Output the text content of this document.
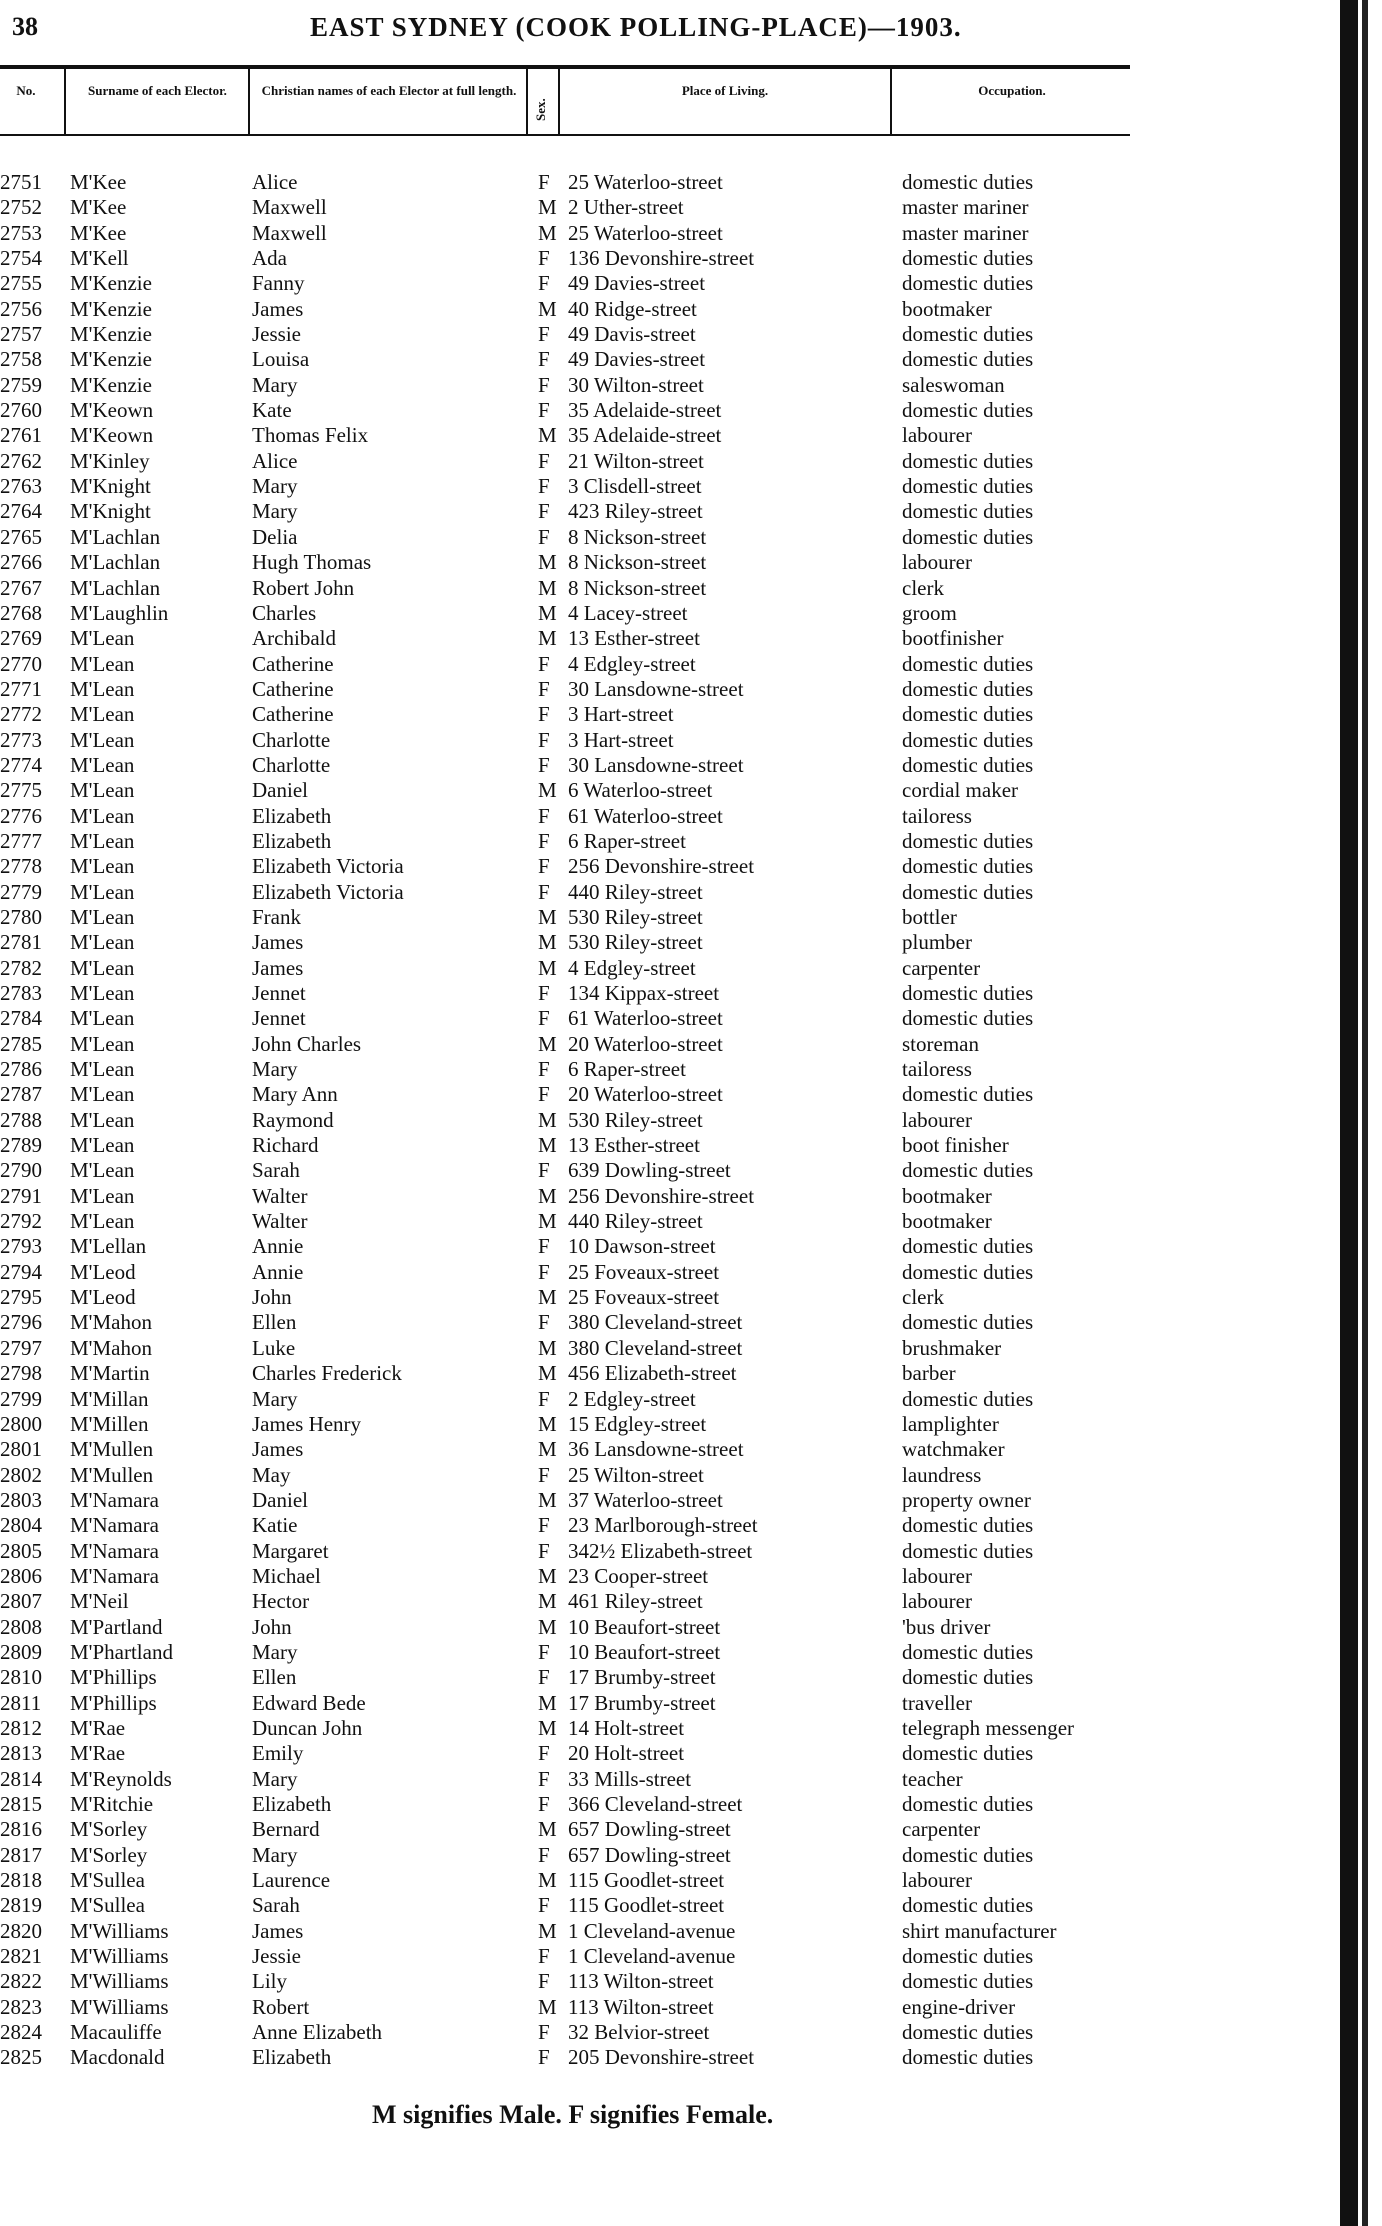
38	EAST SYDNEY (COOK POLLING-PLACE)—1903.
No.	Surname of each Elector.	Christian names of each Elector at full length.
Sex.
Place of Living.	Occupation.
2751 M'Kee	Alice	F 25 Waterloo-street	domestic duties
2752 M'Kee	Maxwell	M 2 Uther-street	master mariner
2753 M'Kee	Maxwell	M 25 Waterloo-street	master mariner
2754 M'Kell	Ada	F 136 Devonshire-street	domestic duties
2755 M'Kenzie	Fanny	F 49 Davies-street	domestic duties
2756 M'Kenzie	James	M 40 Ridge-street	bootmaker
2757 M'Kenzie	Jessie	F 49 Davis-street	domestic duties
2758 M'Kenzie	Louisa	F 49 Davies-street	domestic duties
2759 M'Kenzie	Mary	F 30 Wilton-street	saleswoman
2760 M'Keown	Kate	F 35 Adelaide-street	domestic duties
2761 M'Keown	Thomas Felix	M 35 Adelaide-street	labourer
2762 M'Kinley	Alice	F 21 Wilton-street	domestic duties
2763 M'Knight	Mary	F 3 Clisdell-street	domestic duties
2764 M'Knight	Mary	F 423 Riley-street	domestic duties
2765 M'Lachlan	Delia	F 8 Nickson-street	domestic duties
2766 M'Lachlan	Hugh Thomas	M 8 Nickson-street	labourer
2767 M'Lachlan	Robert John	M 8 Nickson-street	clerk
2768 M'Laughlin	Charles	M 4 Lacey-street	groom
2769 M'Lean	Archibald	M 13 Esther-street	bootfinisher
2770 M'Lean	Catherine	F 4 Edgley-street	domestic duties
2771 M'Lean	Catherine	F 30 Lansdowne-street	domestic duties
2772 M'Lean	Catherine	F 3 Hart-street	domestic duties
2773 M'Lean	Charlotte	F 3 Hart-street	domestic duties
2774 M'Lean	Charlotte	F 30 Lansdowne-street	domestic duties
2775 M'Lean	Daniel	M 6 Waterloo-street	cordial maker
2776 M'Lean	Elizabeth	F 61 Waterloo-street	tailoress
2777 M'Lean	Elizabeth	F 6 Raper-street	domestic duties
2778 M'Lean	Elizabeth Victoria	F 256 Devonshire-street	domestic duties
2779 M'Lean	Elizabeth Victoria	F 440 Riley-street	domestic duties
2780 M'Lean	Frank	M 530 Riley-street	bottler
2781 M'Lean	James	M 530 Riley-street	plumber
2782 M'Lean	James	M 4 Edgley-street	carpenter
2783 M'Lean	Jennet	F 134 Kippax-street	domestic duties
2784 M'Lean	Jennet	F 61 Waterloo-street	domestic duties
2785 M'Lean	John Charles	M 20 Waterloo-street	storeman
2786 M'Lean	Mary	F 6 Raper-street	tailoress
2787 M'Lean	Mary Ann	F 20 Waterloo-street	domestic duties
2788 M'Lean	Raymond	M 530 Riley-street	labourer
2789 M'Lean	Richard	M 13 Esther-street	boot finisher
2790 M'Lean	Sarah	F 639 Dowling-street	domestic duties
2791 M'Lean	Walter	M 256 Devonshire-street	bootmaker
2792 M'Lean	Walter	M 440 Riley-street	bootmaker
2793 M'Lellan	Annie	F 10 Dawson-street	domestic duties
2794 M'Leod	Annie	F 25 Foveaux-street	domestic duties
2795 M'Leod	John	M 25 Foveaux-street	clerk
2796 M'Mahon	Ellen	F 380 Cleveland-street	domestic duties
2797 M'Mahon	Luke	M 380 Cleveland-street	brushmaker
2798 M'Martin	Charles Frederick	M 456 Elizabeth-street	barber
2799 M'Millan	Mary	F 2 Edgley-street	domestic duties
2800 M'Millen	James Henry	M 15 Edgley-street	lamplighter
2801 M'Mullen	James	M 36 Lansdowne-street	watchmaker
2802 M'Mullen	May	F 25 Wilton-street	laundress
2803 M'Namara	Daniel	M 37 Waterloo-street	property owner
2804 M'Namara	Katie	F 23 Marlborough-street	domestic duties
2805 M'Namara	Margaret	F 342½ Elizabeth-street	domestic duties
2806 M'Namara	Michael	M 23 Cooper-street	labourer
2807 M'Neil	Hector	M 461 Riley-street	labourer
2808 M'Partland	John	M 10 Beaufort-street	'bus driver
2809 M'Phartland	Mary	F 10 Beaufort-street	domestic duties
2810 M'Phillips	Ellen	F 17 Brumby-street	domestic duties
2811 M'Phillips	Edward Bede	M 17 Brumby-street	traveller
2812 M'Rae	Duncan John	M 14 Holt-street	telegraph messenger
2813 M'Rae	Emily	F 20 Holt-street	domestic duties
2814 M'Reynolds	Mary	F 33 Mills-street	teacher
2815 M'Ritchie	Elizabeth	F 366 Cleveland-street	domestic duties
2816 M'Sorley	Bernard	M 657 Dowling-street	carpenter
2817 M'Sorley	Mary	F 657 Dowling-street	domestic duties
2818 M'Sullea	Laurence	M 115 Goodlet-street	labourer
2819 M'Sullea	Sarah	F 115 Goodlet-street	domestic duties
2820 M'Williams	James	M 1 Cleveland-avenue	shirt manufacturer
2821 M'Williams	Jessie	F 1 Cleveland-avenue	domestic duties
2822 M'Williams	Lily	F 113 Wilton-street	domestic duties
2823 M'Williams	Robert	M 113 Wilton-street	engine-driver
2824 Macauliffe	Anne Elizabeth	F 32 Belvior-street	domestic duties
2825 Macdonald	Elizabeth	F 205 Devonshire-street	domestic duties
M signifies Male. F signifies Female.
